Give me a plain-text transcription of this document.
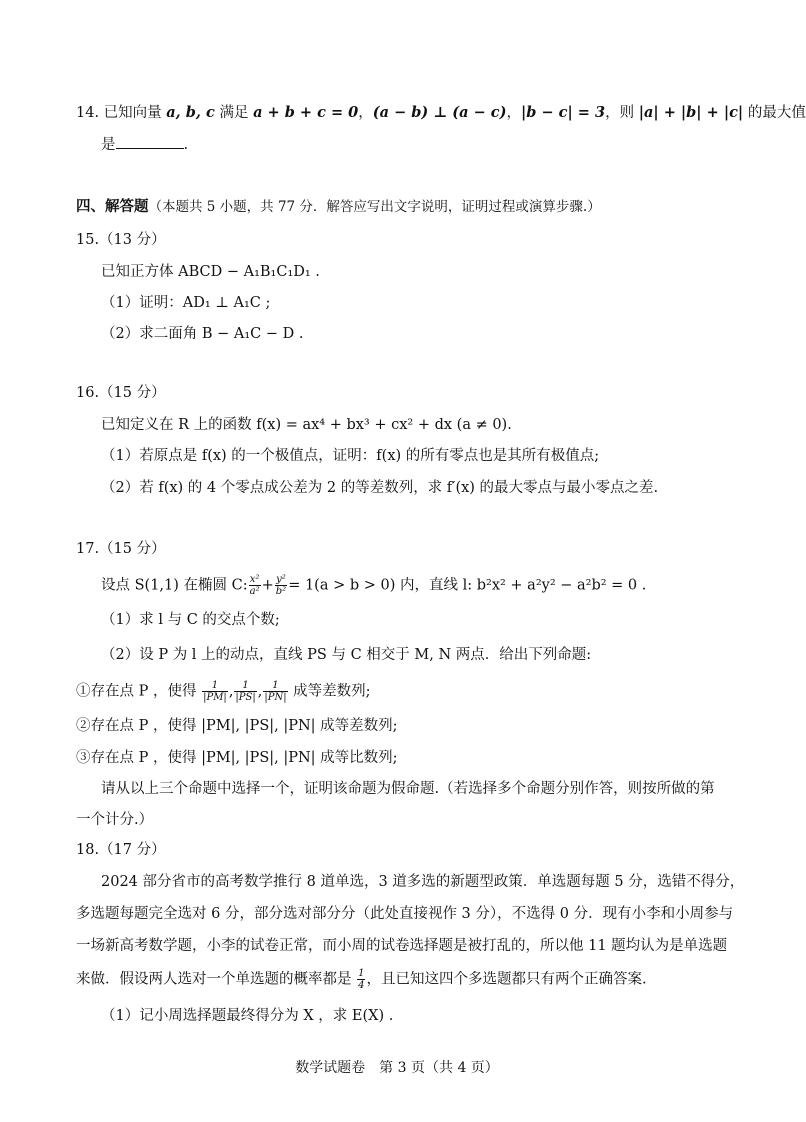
14. 已知向量 a, b, c 满足 a + b + c = 0，(a − b) ⊥ (a − c)，|b − c| = 3，则 |a| + |b| + |c| 的最大值
是	.
四、解答题（本题共 5 小题，共 77 分．解答应写出文字说明，证明过程或演算步骤.）
15.（13 分）
已知正方体 ABCD − A₁B₁C₁D₁ .
（1）证明：AD₁ ⊥ A₁C ;
（2）求二面角 B − A₁C − D .
16.（15 分）
已知定义在 R 上的函数 f(x) = ax⁴ + bx³ + cx² + dx (a ≠ 0).
（1）若原点是 f(x) 的一个极值点，证明：f(x) 的所有零点也是其所有极值点;
（2）若 f(x) 的 4 个零点成公差为 2 的等差数列，求 f′(x) 的最大零点与最小零点之差.
17.（15 分）
设点 S(1,1) 在椭圆 C: $\frac{\text{x²}}{\text{a²}} + \frac{\text{y²}}{\text{b²}} = 1(a > b > 0)$ 内，直线 l: b²x² + a²y² − a²b² = 0 .
（1）求 l 与 C 的交点个数;
（2）设 P 为 l 上的动点，直线 PS 与 C 相交于 M, N 两点．给出下列命题:
①存在点 P ，使得 $\frac{1}{|PM|}$ , $\frac{1}{|PS|}$ , $\frac{1}{|PN|}$ 成等差数列;
②存在点 P ，使得 |PM|, |PS|, |PN| 成等差数列;
③存在点 P ，使得 |PM|, |PS|, |PN| 成等比数列;
请从以上三个命题中选择一个，证明该命题为假命题.（若选择多个命题分别作答，则按所做的第
一个计分.）
18.（17 分）
2024 部分省市的高考数学推行 8 道单选，3 道多选的新题型政策．单选题每题 5 分，选错不得分，
多选题每题完全选对 6 分，部分选对部分分（此处直接视作 3 分），不选得 0 分．现有小李和小周参与
一场新高考数学题，小李的试卷正常，而小周的试卷选择题是被打乱的，所以他 11 题均认为是单选题
来做．假设两人选对一个单选题的概率都是 $\frac{1}{4}$ ，且已知这四个多选题都只有两个正确答案.
（1）记小周选择题最终得分为 X ，求 E(X) .
数学试题卷　第 3 页（共 4 页）
